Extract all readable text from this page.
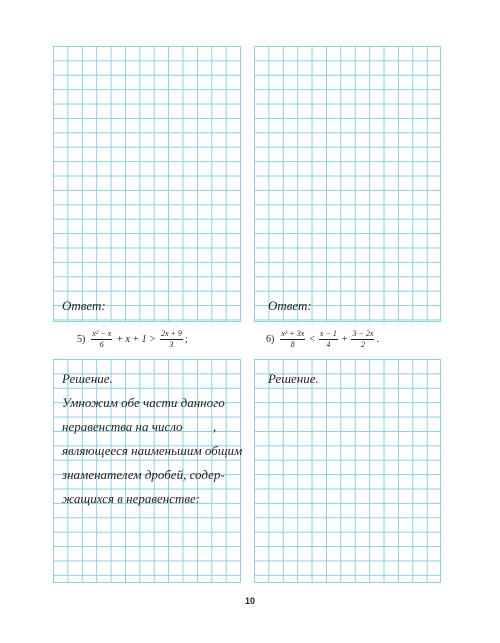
Ответ:	Ответ:
$5) \frac{\text{x² − x}}{6} + x + 1 > \frac{2x + 9}{3}$ ;	$6) \frac{\text{x² + 3x}}{8} < \frac{x - 1}{4} + \frac{3 - 2x}{2}$ .
Решение.	Решение.
Умножим обе части данного
неравенства на число ,
являющееся наименьшим общим
знаменателем дробей, содер-
жащихся в неравенстве:
10
